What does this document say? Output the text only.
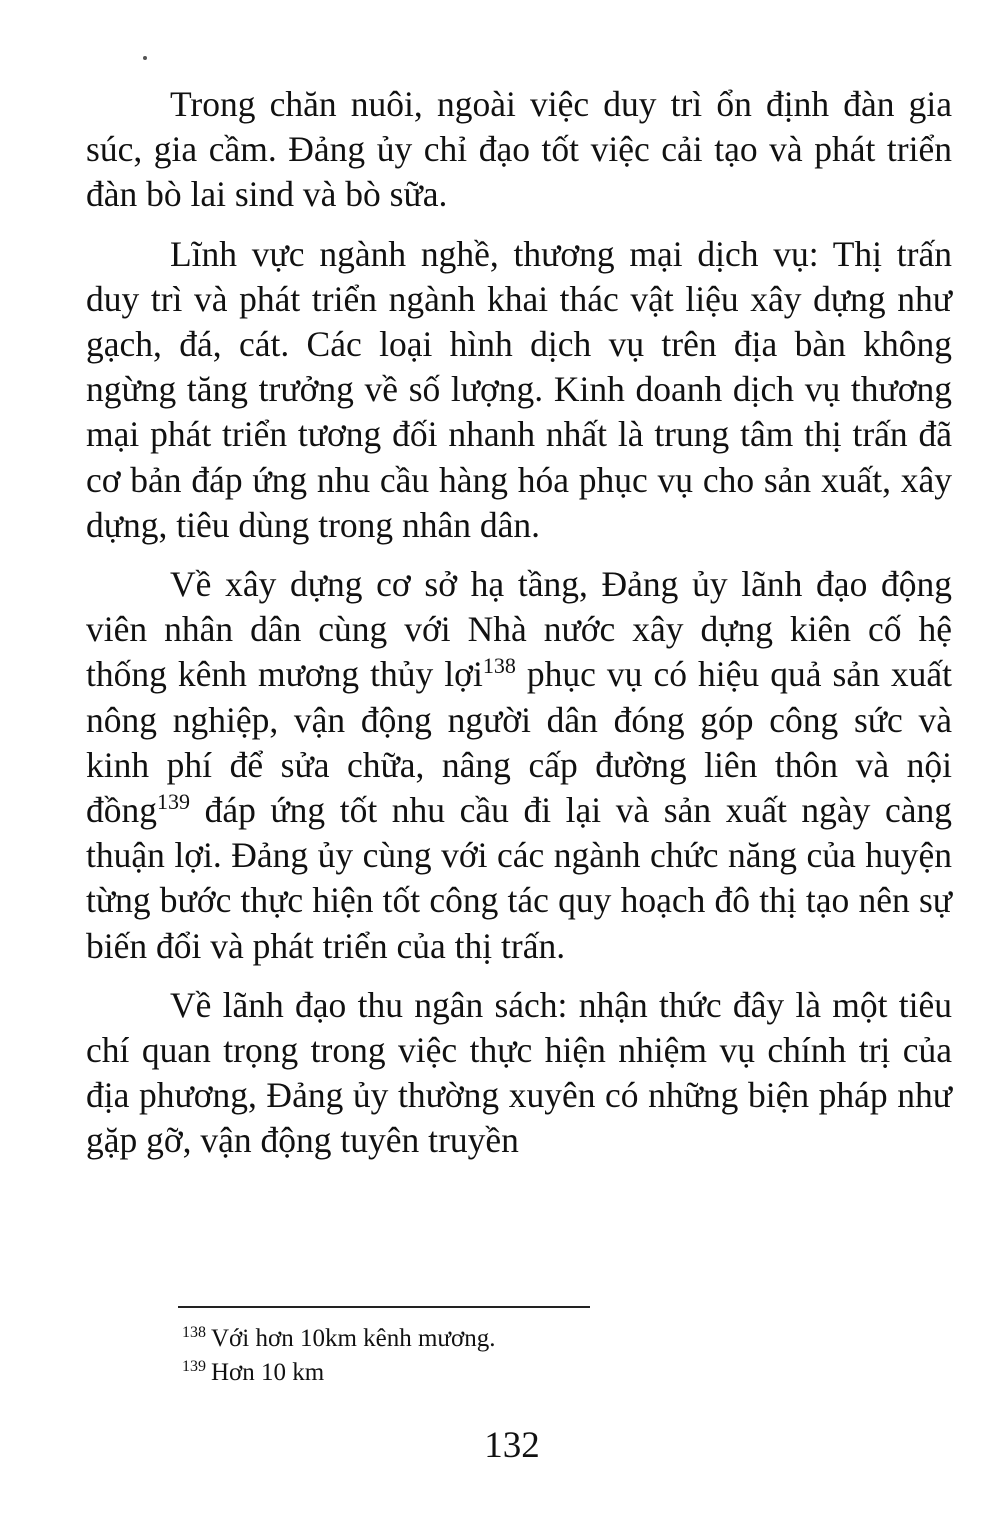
Trong chăn nuôi, ngoài việc duy trì ổn định đàn gia súc, gia cầm. Đảng ủy chỉ đạo tốt việc cải tạo và phát triển đàn bò lai sind và bò sữa.

Lĩnh vực ngành nghề, thương mại dịch vụ: Thị trấn duy trì và phát triển ngành khai thác vật liệu xây dựng như gạch, đá, cát. Các loại hình dịch vụ trên địa bàn không ngừng tăng trưởng về số lượng. Kinh doanh dịch vụ thương mại phát triển tương đối nhanh nhất là trung tâm thị trấn đã cơ bản đáp ứng nhu cầu hàng hóa phục vụ cho sản xuất, xây dựng, tiêu dùng trong nhân dân.

Về xây dựng cơ sở hạ tầng, Đảng ủy lãnh đạo động viên nhân dân cùng với Nhà nước xây dựng kiên cố hệ thống kênh mương thủy lợi$^{138}$ phục vụ có hiệu quả sản xuất nông nghiệp, vận động người dân đóng góp công sức và kinh phí để sửa chữa, nâng cấp đường liên thôn và nội đồng$^{139}$ đáp ứng tốt nhu cầu đi lại và sản xuất ngày càng thuận lợi. Đảng ủy cùng với các ngành chức năng của huyện từng bước thực hiện tốt công tác quy hoạch đô thị tạo nên sự biến đổi và phát triển của thị trấn.

Về lãnh đạo thu ngân sách: nhận thức đây là một tiêu chí quan trọng trong việc thực hiện nhiệm vụ chính trị của địa phương, Đảng ủy thường xuyên có những biện pháp như gặp gỡ, vận động tuyên truyền

$^{138}$ Với hơn 10km kênh mương.
$^{139}$ Hơn 10 km
132
